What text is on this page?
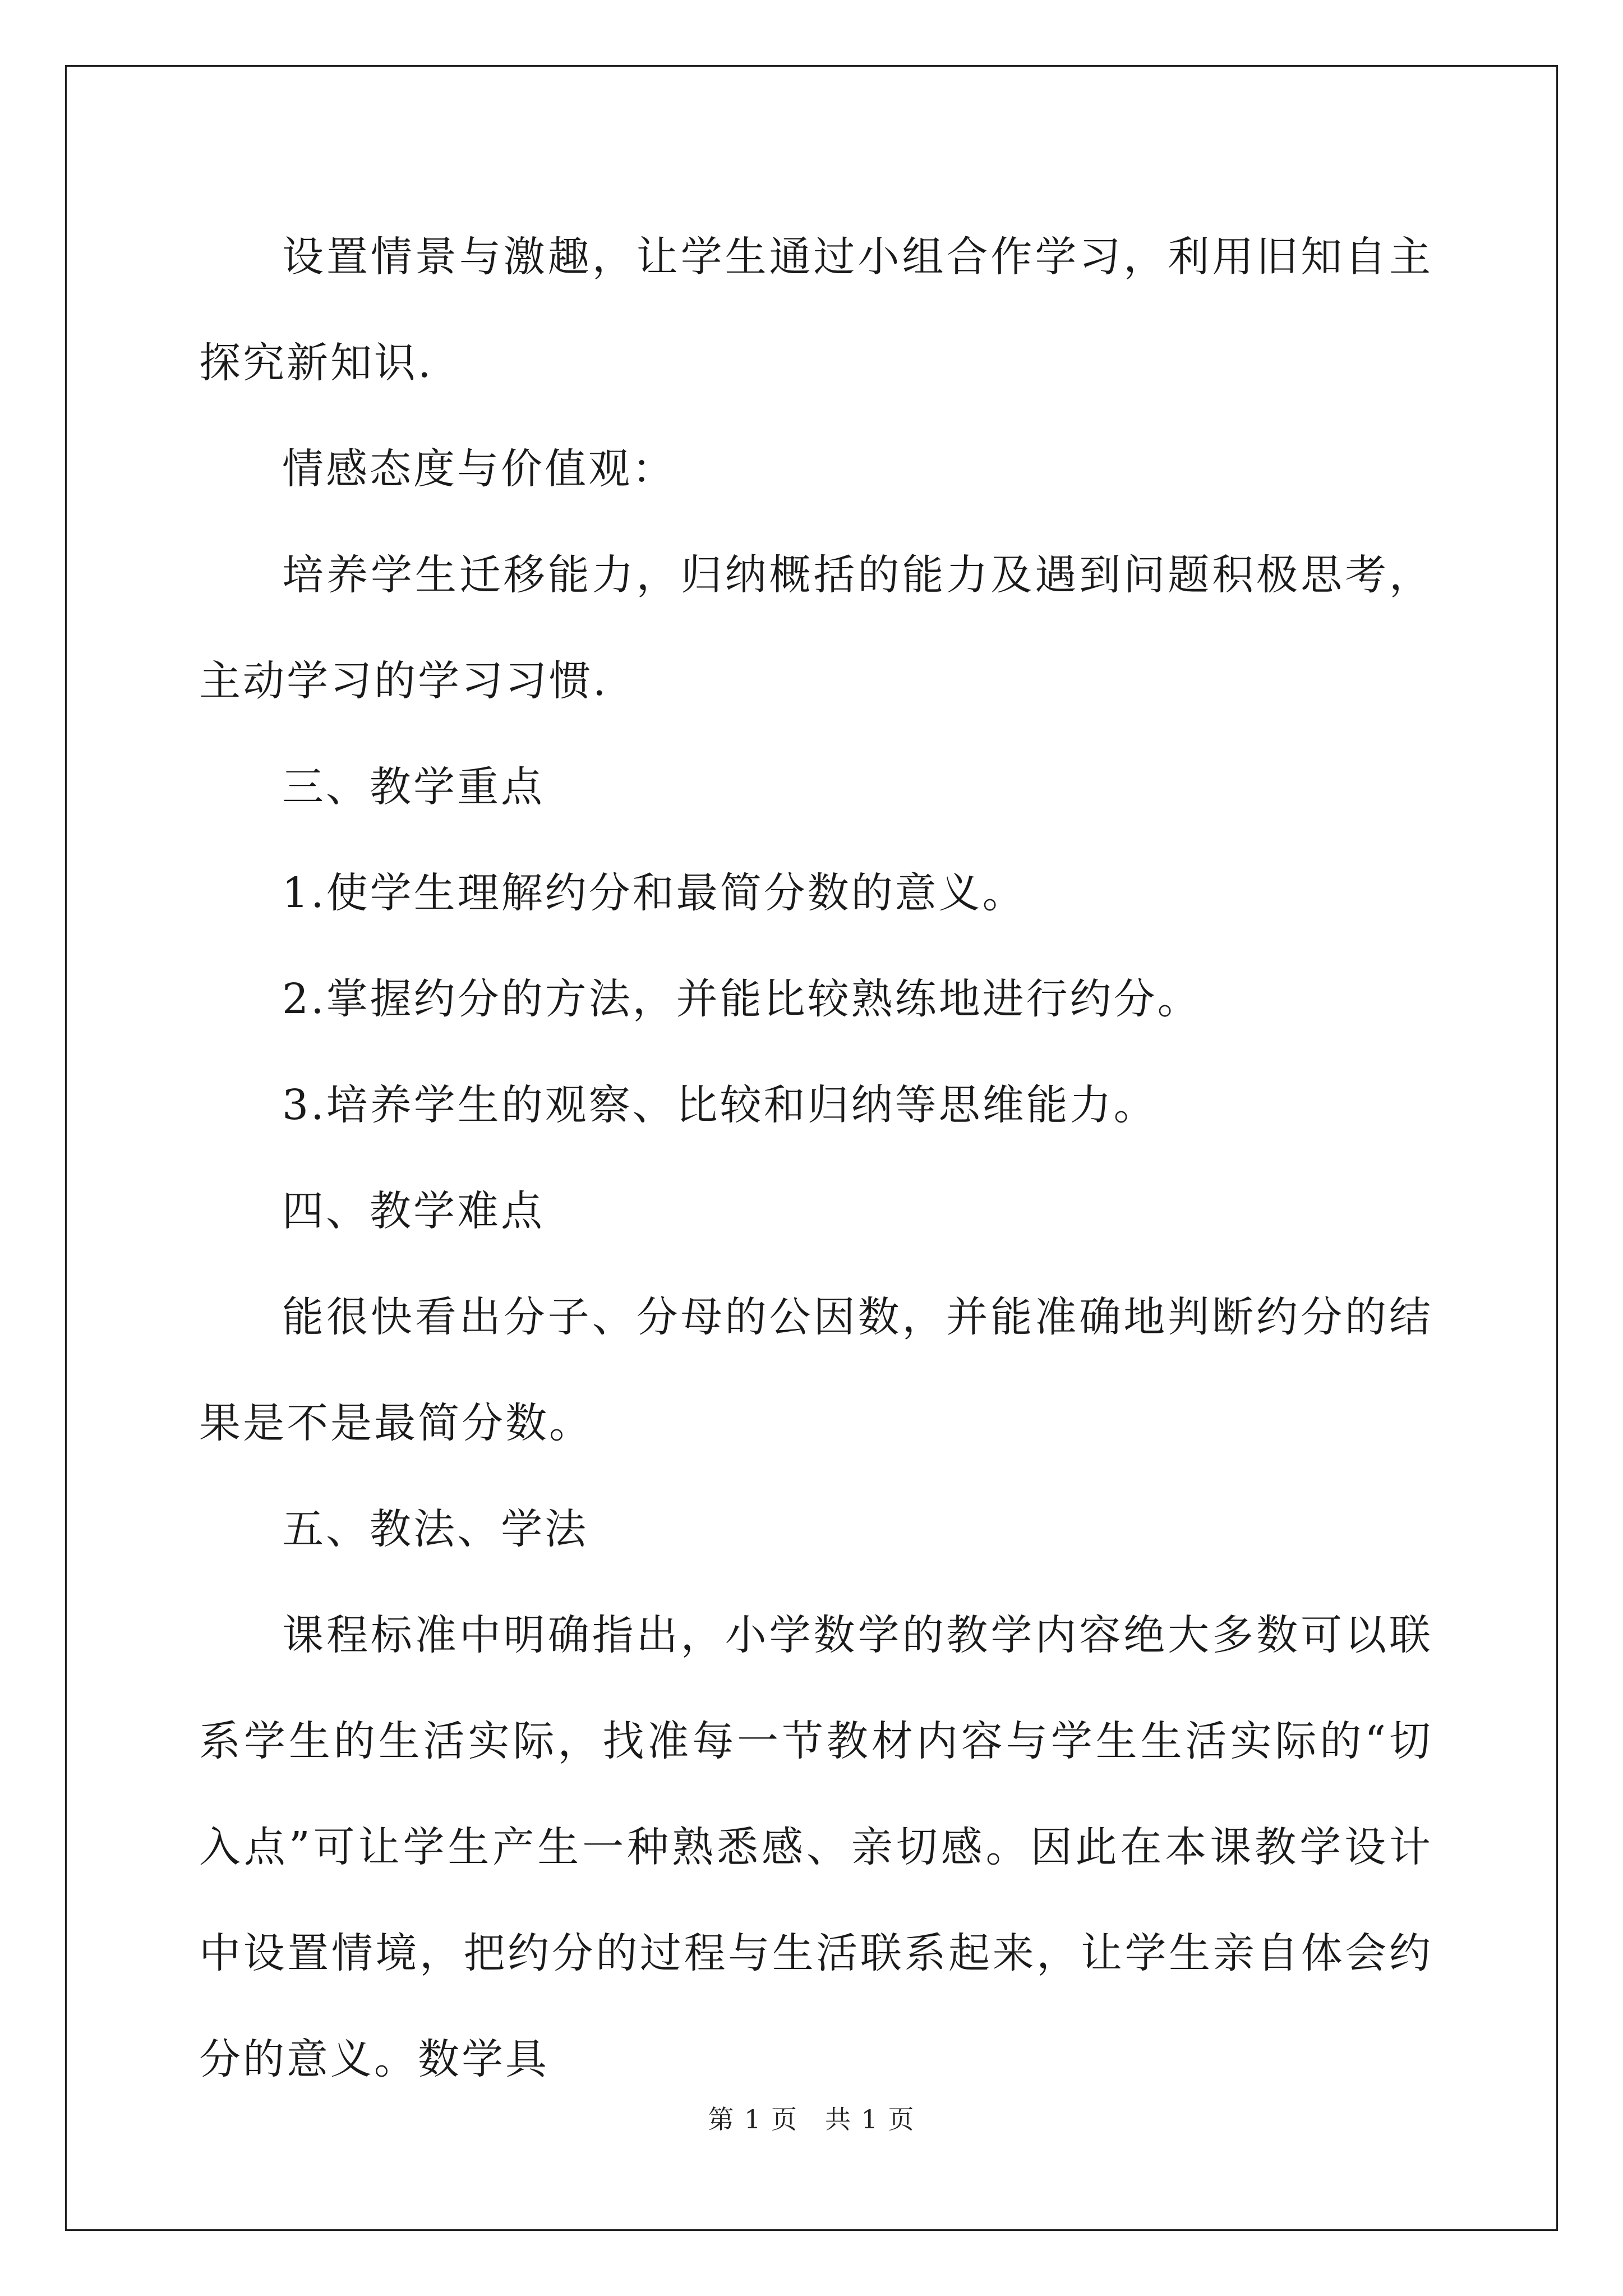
设置情景与激趣，让学生通过小组合作学习，利用旧知自主探究新知识.

情感态度与价值观：

培养学生迁移能力，归纳概括的能力及遇到问题积极思考，主动学习的学习习惯.

三、教学重点

1.使学生理解约分和最简分数的意义。

2.掌握约分的方法，并能比较熟练地进行约分。

3.培养学生的观察、比较和归纳等思维能力。

四、教学难点

能很快看出分子、分母的公因数，并能准确地判断约分的结果是不是最简分数。

五、教法、学法

课程标准中明确指出，小学数学的教学内容绝大多数可以联系学生的生活实际，找准每一节教材内容与学生生活实际的“切入点”可让学生产生一种熟悉感、亲切感。因此在本课教学设计中设置情境，把约分的过程与生活联系起来，让学生亲自体会约分的意义。数学具

第 1 页　共 1 页
